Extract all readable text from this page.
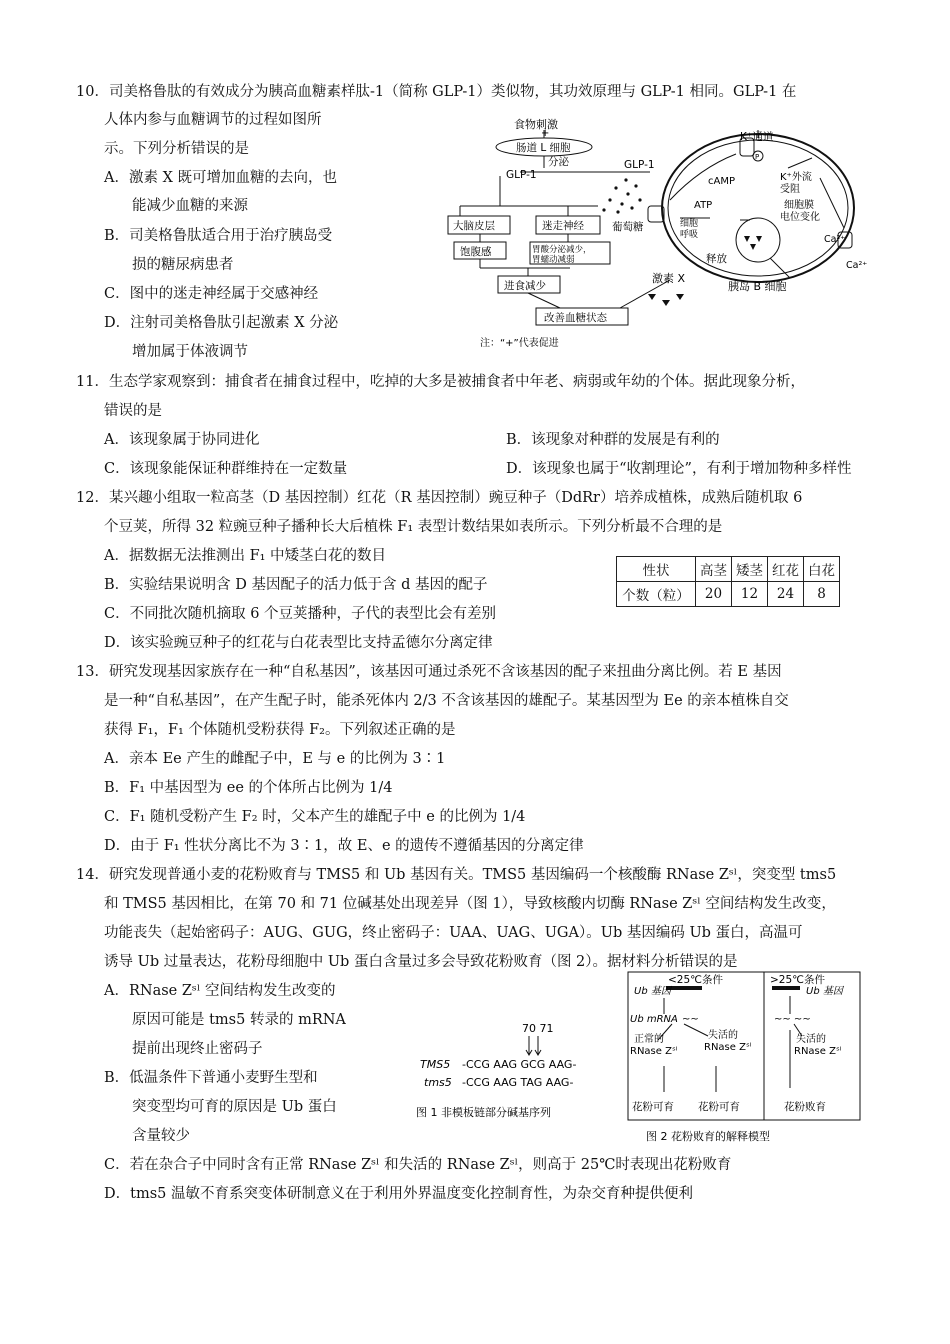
10．司美格鲁肽的有效成分为胰高血糖素样肽-1（简称 GLP-1）类似物，其功效原理与 GLP-1 相同。GLP-1 在
人体内参与血糖调节的过程如图所
示。下列分析错误的是
A．激素 X 既可增加血糖的去向，也
能减少血糖的来源
B．司美格鲁肽适合用于治疗胰岛受
损的糖尿病患者
C．图中的迷走神经属于交感神经
D．注射司美格鲁肽引起激素 X 分泌
增加属于体液调节
食物刺激
+
肠道 L 细胞
分泌
GLP-1
GLP-1
大脑皮层	迷走神经
饱腹感	胃酸分泌减少，
胃蠕动减弱
进食减少
改善血糖状态
注：“+”代表促进
K⁺通道
K⁺外流
受阻
细胞膜
电位变化
cAMP
ATP
细胞
呼吸
葡萄糖
释放
激素 X
胰岛 B 细胞
Ca²⁺
Ca²⁺
P
11．生态学家观察到：捕食者在捕食过程中，吃掉的大多是被捕食者中年老、病弱或年幼的个体。据此现象分析，
错误的是
A．该现象属于协同进化	B．该现象对种群的发展是有利的
C．该现象能保证种群维持在一定数量	D．该现象也属于“收割理论”，有利于增加物种多样性
12．某兴趣小组取一粒高茎（D 基因控制）红花（R 基因控制）豌豆种子（DdRr）培养成植株，成熟后随机取 6
个豆荚，所得 32 粒豌豆种子播种长大后植株 F₁ 表型计数结果如表所示。下列分析最不合理的是
A．据数据无法推测出 F₁ 中矮茎白花的数目
B．实验结果说明含 D 基因配子的活力低于含 d 基因的配子
C．不同批次随机摘取 6 个豆荚播种，子代的表型比会有差别
D．该实验豌豆种子的红花与白花表型比支持孟德尔分离定律
性状	高茎	矮茎	红花	白花
个数（粒）	20	12	24	8
13．研究发现基因家族存在一种“自私基因”，该基因可通过杀死不含该基因的配子来扭曲分离比例。若 E 基因
是一种“自私基因”，在产生配子时，能杀死体内 2/3 不含该基因的雄配子。某基因型为 Ee 的亲本植株自交
获得 F₁，F₁ 个体随机受粉获得 F₂。下列叙述正确的是
A．亲本 Ee 产生的雌配子中，E 与 e 的比例为 3∶1
B．F₁ 中基因型为 ee 的个体所占比例为 1/4
C．F₁ 随机受粉产生 F₂ 时，父本产生的雄配子中 e 的比例为 1/4
D．由于 F₁ 性状分离比不为 3∶1，故 E、e 的遗传不遵循基因的分离定律
14．研究发现普通小麦的花粉败育与 TMS5 和 Ub 基因有关。TMS5 基因编码一个核酸酶 RNase Zˢˡ，突变型 tms5
和 TMS5 基因相比，在第 70 和 71 位碱基处出现差异（图 1），导致核酸内切酶 RNase Zˢˡ 空间结构发生改变，
功能丧失（起始密码子：AUG、GUG，终止密码子：UAA、UAG、UGA）。Ub 基因编码 Ub 蛋白，高温可
诱导 Ub 过量表达，花粉母细胞中 Ub 蛋白含量过多会导致花粉败育（图 2）。据材料分析错误的是
A．RNase Zˢˡ 空间结构发生改变的
原因可能是 tms5 转录的 mRNA
提前出现终止密码子
B．低温条件下普通小麦野生型和
突变型均可育的原因是 Ub 蛋白
含量较少
C．若在杂合子中同时含有正常 RNase Zˢˡ 和失活的 RNase Zˢˡ，则高于 25℃时表现出花粉败育
D．tms5 温敏不育系突变体研制意义在于利用外界温度变化控制育性，为杂交育种提供便利
70 71
TMS5 -CCG AAG GCG AAG-
tms5 -CCG AAG TAG AAG-
图 1 非模板链部分碱基序列
<25℃条件	>25℃条件
Ub 基因	Ub 基因
Ub mRNA ~~	~~ ~~
正常的
RNase Zˢˡ
失活的
RNase Zˢˡ
失活的
RNase Zˢˡ
花粉可育 花粉可育	花粉败育
图 2 花粉败育的解释模型
